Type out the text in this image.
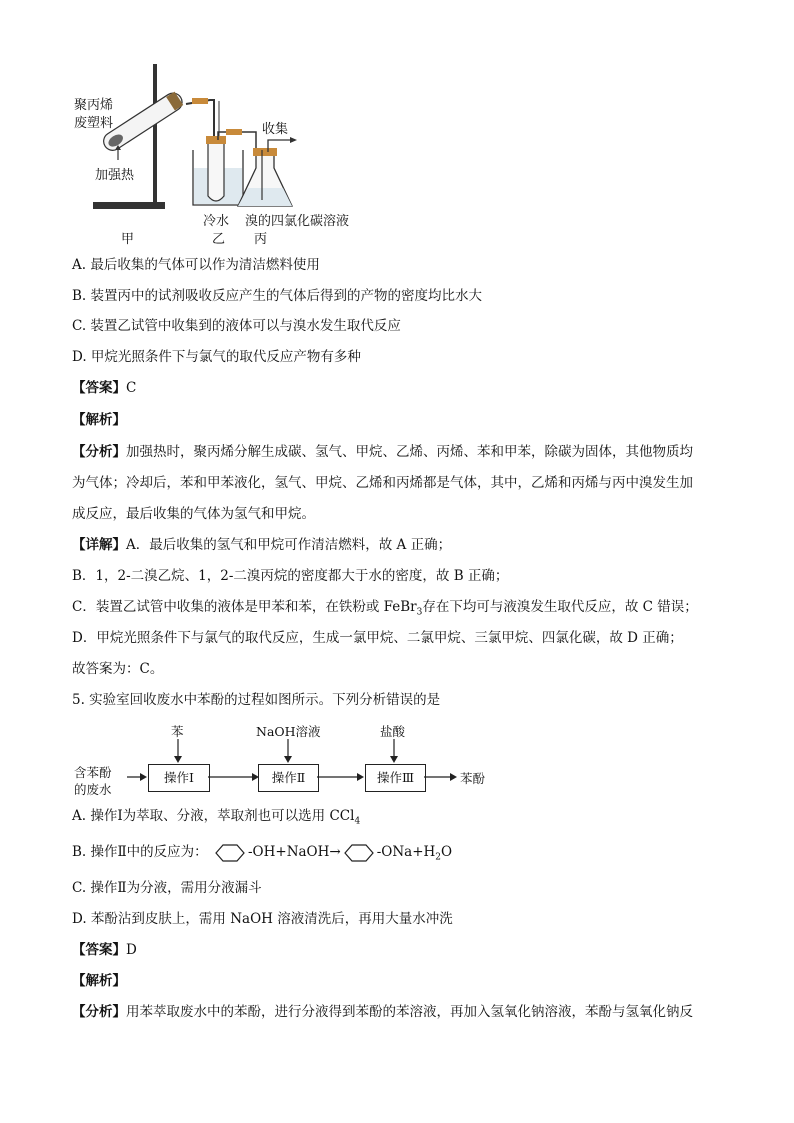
聚丙烯
废塑料
加强热
收集
冷水 溴的四氯化碳溶液
甲	乙 丙
A. 最后收集的气体可以作为清洁燃料使用
B. 装置丙中的试剂吸收反应产生的气体后得到的产物的密度均比水大
C. 装置乙试管中收集到的液体可以与溴水发生取代反应
D. 甲烷光照条件下与氯气的取代反应产物有多种
【答案】C
【解析】
【分析】加强热时，聚丙烯分解生成碳、氢气、甲烷、乙烯、丙烯、苯和甲苯，除碳为固体，其他物质均
为气体；冷却后，苯和甲苯液化，氢气、甲烷、乙烯和丙烯都是气体，其中，乙烯和丙烯与丙中溴发生加
成反应，最后收集的气体为氢气和甲烷。
【详解】A．最后收集的氢气和甲烷可作清洁燃料，故 A 正确；
B．1，2-二溴乙烷、1，2-二溴丙烷的密度都大于水的密度，故 B 正确；
C．装置乙试管中收集的液体是甲苯和苯，在铁粉或 FeBr$_3$存在下均可与液溴发生取代反应，故 C 错误；
D．甲烷光照条件下与氯气的取代反应，生成一氯甲烷、二氯甲烷、三氯甲烷、四氯化碳，故 D 正确；
故答案为：C。
5. 实验室回收废水中苯酚的过程如图所示。下列分析错误的是
含苯酚
的废水
苯	NaOH溶液	盐酸
操作Ⅰ	操作Ⅱ	操作Ⅲ	苯酚
A. 操作Ⅰ为萃取、分液，萃取剂也可以选用 CCl$_4$
B. 操作Ⅱ中的反应为：	-OH+NaOH→	$-ONa+H_2O$
C. 操作Ⅱ为分液，需用分液漏斗
D. 苯酚沾到皮肤上，需用 NaOH 溶液清洗后，再用大量水冲洗
【答案】D
【解析】
【分析】用苯萃取废水中的苯酚，进行分液得到苯酚的苯溶液，再加入氢氧化钠溶液，苯酚与氢氧化钠反
